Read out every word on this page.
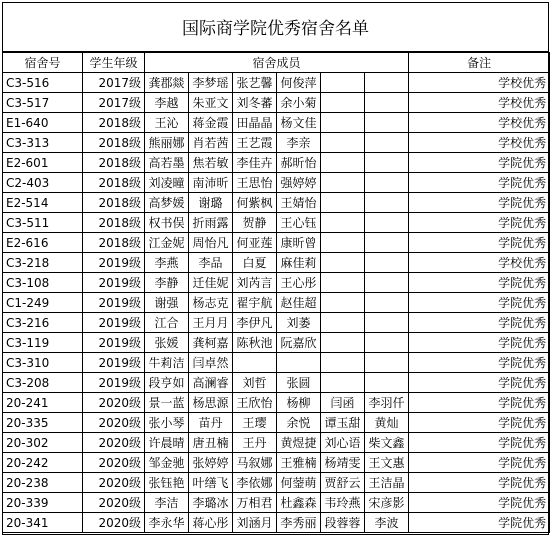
国际商学院优秀宿舍名单
宿舍号	学生年级	宿舍成员						备注
C3-516	2017级	龚郡燚	李梦瑶	张艺馨	何俊萍			学校优秀
C3-517	2017级	李越	朱亚文	刘冬蕃	余小菊			学校优秀
E1-640	2018级	王沁	蒋金霞	田晶晶	杨文佳			学校优秀
C3-313	2018级	熊丽娜	肖若茜	王艺霞	李亲			学校优秀
E2-601	2018级	高若墨	焦若敏	李佳卉	郝昕怡			学院优秀
C2-403	2018级	刘凌曈	南沛昕	王思怡	强婷婷			学院优秀
E2-514	2018级	高梦媛	谢璐	何紫枫	王婧怡			学院优秀
C3-511	2018级	权书俣	折雨露	贺静	王心钰			学院优秀
E2-616	2018级	江金妮	周怡凡	何亚莲	康昕曾			学院优秀
C3-218	2019级	李燕	李品	白夏	麻佳莉			学校优秀
C3-108	2019级	李静	迁佳妮	刘芮言	王心彤			学院优秀
C1-249	2019级	谢强	杨志克	翟宇航	赵佳超			学院优秀
C3-216	2019级	江合	王月月	李伊凡	刘萎			学院优秀
C3-119	2019级	张媛	龚柯嘉	陈秋池	阮嘉欣			学院优秀
C3-310	2019级	牛莉洁	闫卓然					学院优秀
C3-208	2019级	段亨如	高澜睿	刘哲	张圆			学院优秀
20-241	2020级	景一蓝	杨思源	王欣怡	杨柳	闫函	李羽仟	学院优秀
20-335	2020级	张小琴	苗丹	王璎	余悦	谭玉甜	黄灿	学院优秀
20-302	2020级	许晨晴	唐丑楠	王丹	黄煜捷	刘心语	柴文鑫	学院优秀
20-242	2020级	邹金驰	张婷婷	马叙娜	王雅楠	杨靖雯	王文惠	学院优秀
20-238	2020级	张钰艳	叶缮飞	李依娜	何蓥萌	贾舒云	王洁晶	学院优秀
20-339	2020级	李洁	李璐冰	万相君	杜鑫森	韦玲燕	宋彦影	学院优秀
20-341	2020级	李永华	蒋心彤	刘涵月	李秀丽	段蓉蓉	李波	学院优秀
